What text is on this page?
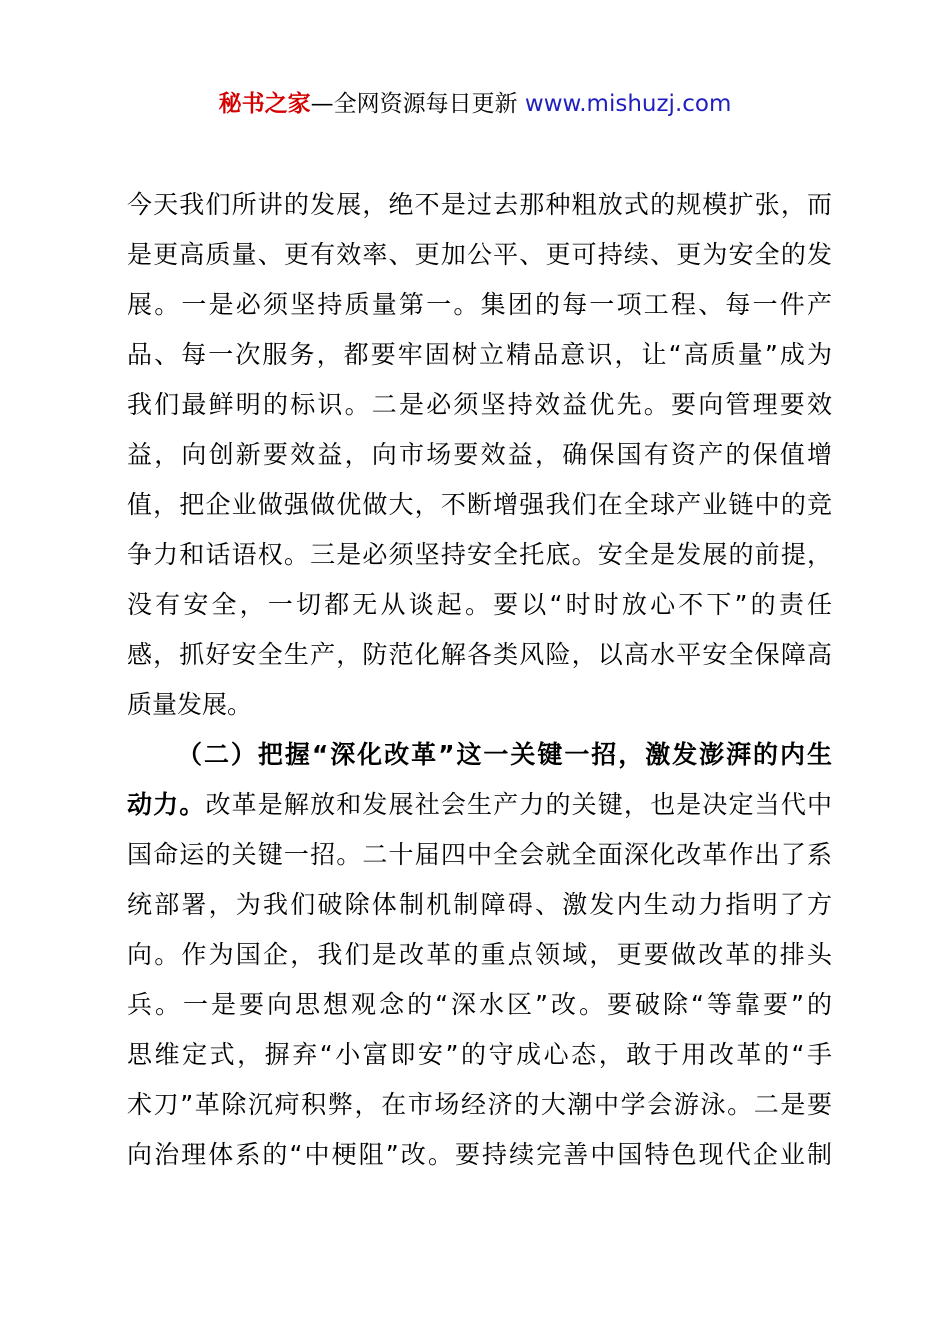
秘书之家—全网资源每日更新 www.mishuzj.com
今天我们所讲的发展，绝不是过去那种粗放式的规模扩张，而
是更高质量、更有效率、更加公平、更可持续、更为安全的发
展。一是必须坚持质量第一。集团的每一项工程、每一件产
品、每一次服务，都要牢固树立精品意识，让“高质量”成为
我们最鲜明的标识。二是必须坚持效益优先。要向管理要效
益，向创新要效益，向市场要效益，确保国有资产的保值增
值，把企业做强做优做大，不断增强我们在全球产业链中的竞
争力和话语权。三是必须坚持安全托底。安全是发展的前提，
没有安全，一切都无从谈起。要以“时时放心不下”的责任
感，抓好安全生产，防范化解各类风险，以高水平安全保障高
质量发展。
（二）把握“深化改革”这一关键一招，激发澎湃的内生
动力。改革是解放和发展社会生产力的关键，也是决定当代中
国命运的关键一招。二十届四中全会就全面深化改革作出了系
统部署，为我们破除体制机制障碍、激发内生动力指明了方
向。作为国企，我们是改革的重点领域，更要做改革的排头
兵。一是要向思想观念的“深水区”改。要破除“等靠要”的
思维定式，摒弃“小富即安”的守成心态，敢于用改革的“手
术刀”革除沉疴积弊，在市场经济的大潮中学会游泳。二是要
向治理体系的“中梗阻”改。要持续完善中国特色现代企业制
